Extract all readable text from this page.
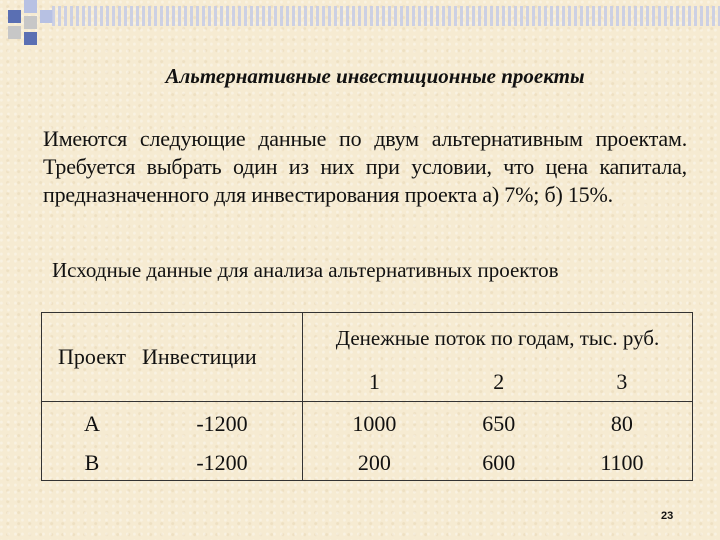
Альтернативные инвестиционные проекты
Имеются следующие данные по двум альтернативным проектам. Требуется выбрать один из них при условии, что цена капитала, предназначенного для инвестирования проекта а) 7%; б) 15%.
Исходные данные для анализа альтернативных проектов
Проект	Инвестиции	Денежные поток по годам, тыс. руб.		
		1	2	3
A	-1200	1000	650	80
B	-1200	200	600	1100
23
